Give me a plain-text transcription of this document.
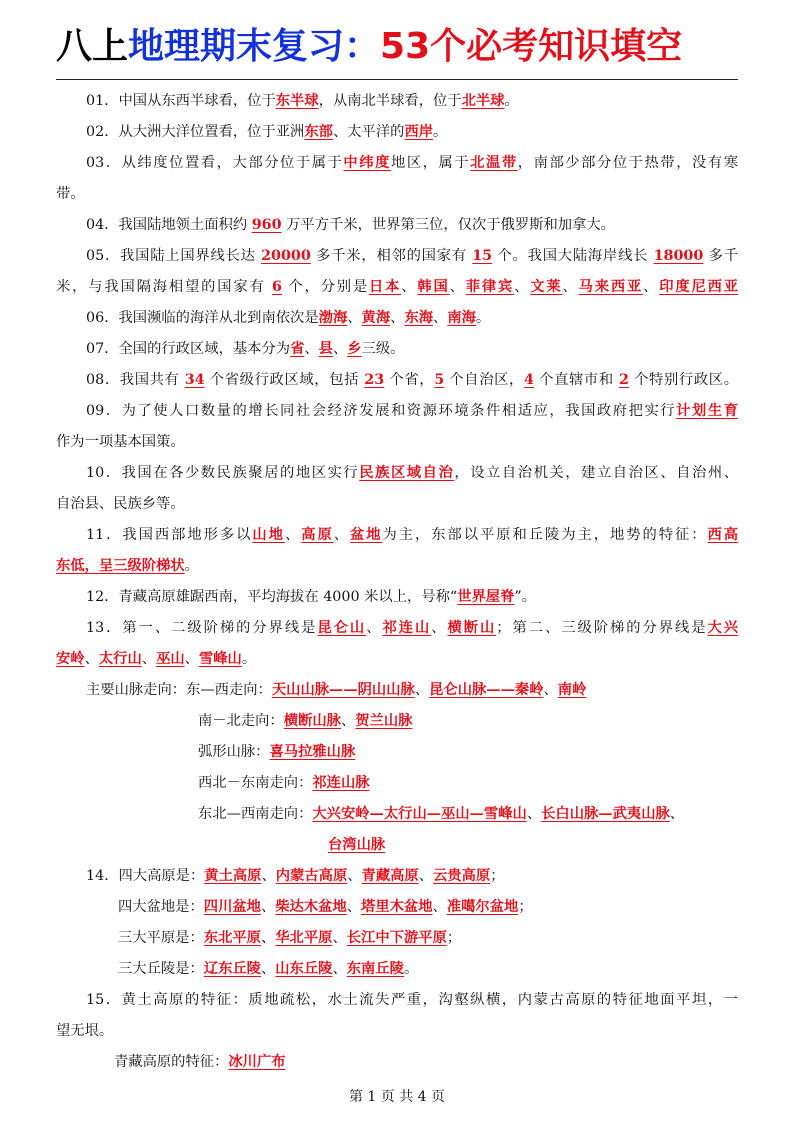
八上地理期末复习：53个必考知识填空
01．中国从东西半球看，位于东半球，从南北半球看，位于北半球。
02．从大洲大洋位置看，位于亚洲东部、太平洋的西岸。
03．从纬度位置看，大部分位于属于中纬度地区，属于北温带，南部少部分位于热带，没有寒
带。
04．我国陆地领土面积约 960 万平方千米，世界第三位，仅次于俄罗斯和加拿大。
05．我国陆上国界线长达 20000 多千米，相邻的国家有 15 个。我国大陆海岸线长 18000 多千
米，与我国隔海相望的国家有 6 个，分别是日本、韩国、菲律宾、文莱、马来西亚、印度尼西亚
06．我国濒临的海洋从北到南依次是渤海、黄海、东海、南海。
07．全国的行政区域，基本分为省、县、乡三级。
08．我国共有 34 个省级行政区域，包括 23 个省，5 个自治区，4 个直辖市和 2 个特别行政区。
09．为了使人口数量的增长同社会经济发展和资源环境条件相适应，我国政府把实行计划生育
作为一项基本国策。
10．我国在各少数民族聚居的地区实行民族区域自治，设立自治机关，建立自治区、自治州、
自治县、民族乡等。
11．我国西部地形多以山地、高原、盆地为主，东部以平原和丘陵为主，地势的特征：西高
东低，呈三级阶梯状。
12．青藏高原雄踞西南，平均海拔在 4000 米以上，号称“世界屋脊”。
13．第一、二级阶梯的分界线是昆仑山、祁连山、横断山；第二、三级阶梯的分界线是大兴
安岭、太行山、巫山、雪峰山。
主要山脉走向：东—西走向：天山山脉——阴山山脉、昆仑山脉——秦岭、南岭
南－北走向：横断山脉、贺兰山脉
弧形山脉：喜马拉雅山脉
西北－东南走向：祁连山脉
东北—西南走向：大兴安岭—太行山—巫山—雪峰山、长白山脉—武夷山脉、
台湾山脉
14．四大高原是：黄土高原、内蒙古高原、青藏高原、云贵高原；
四大盆地是：四川盆地、柴达木盆地、塔里木盆地、准噶尔盆地；
三大平原是：东北平原、华北平原、长江中下游平原；
三大丘陵是：辽东丘陵、山东丘陵、东南丘陵。
15．黄土高原的特征：质地疏松，水土流失严重，沟壑纵横，内蒙古高原的特征地面平坦，一
望无垠。
青藏高原的特征：冰川广布
第 1 页 共 4 页
